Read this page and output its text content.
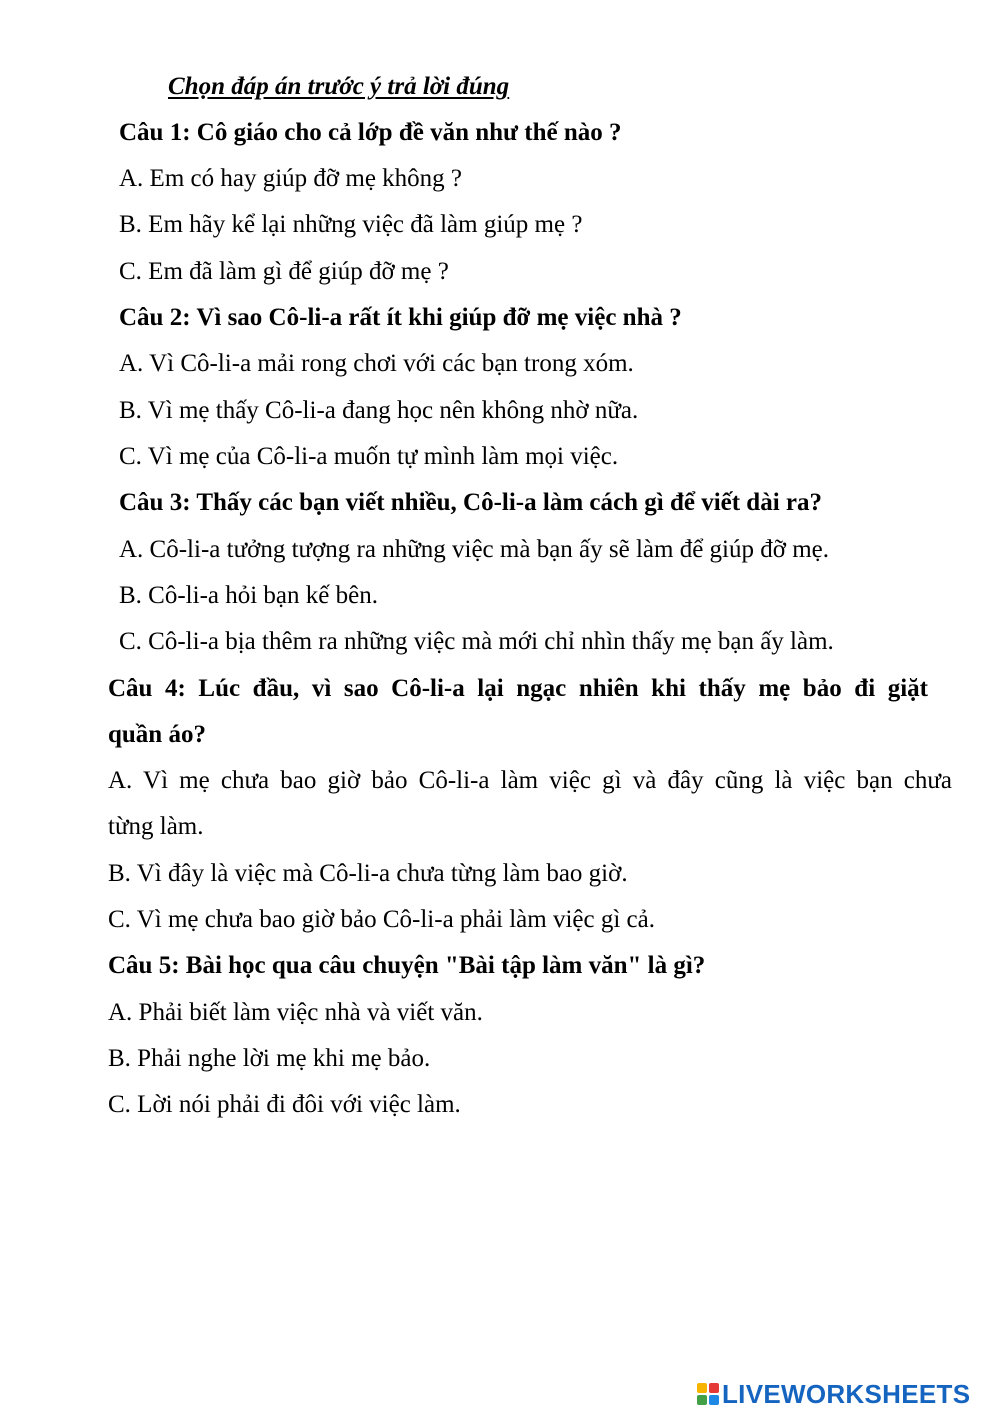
Chọn đáp án trước ý trả lời đúng
Câu 1: Cô giáo cho cả lớp đề văn như thế nào ?
A. Em có hay giúp đỡ mẹ không ?
B. Em hãy kể lại những việc đã làm giúp mẹ ?
C. Em đã làm gì để giúp đỡ mẹ ?
Câu 2: Vì sao Cô-li-a rất ít khi giúp đỡ mẹ việc nhà ?
A. Vì Cô-li-a mải rong chơi với các bạn trong xóm.
B. Vì mẹ thấy Cô-li-a đang học nên không nhờ nữa.
C. Vì mẹ của Cô-li-a muốn tự mình làm mọi việc.
Câu 3: Thấy các bạn viết nhiều, Cô-li-a làm cách gì để viết dài ra?
A. Cô-li-a tưởng tượng ra những việc mà bạn ấy sẽ làm để giúp đỡ mẹ.
B. Cô-li-a hỏi bạn kế bên.
C. Cô-li-a bịa thêm ra những việc mà mới chỉ nhìn thấy mẹ bạn ấy làm.
Câu 4: Lúc đầu, vì sao Cô-li-a lại ngạc nhiên khi thấy mẹ bảo đi giặt
quần áo?
A. Vì mẹ chưa bao giờ bảo Cô-li-a làm việc gì và đây cũng là việc bạn chưa
từng làm.
B. Vì đây là việc mà Cô-li-a chưa từng làm bao giờ.
C. Vì mẹ chưa bao giờ bảo Cô-li-a phải làm việc gì cả.
Câu 5: Bài học qua câu chuyện "Bài tập làm văn" là gì?
A. Phải biết làm việc nhà và viết văn.
B. Phải nghe lời mẹ khi mẹ bảo.
C. Lời nói phải đi đôi với việc làm.
LIVEWORKSHEETS
